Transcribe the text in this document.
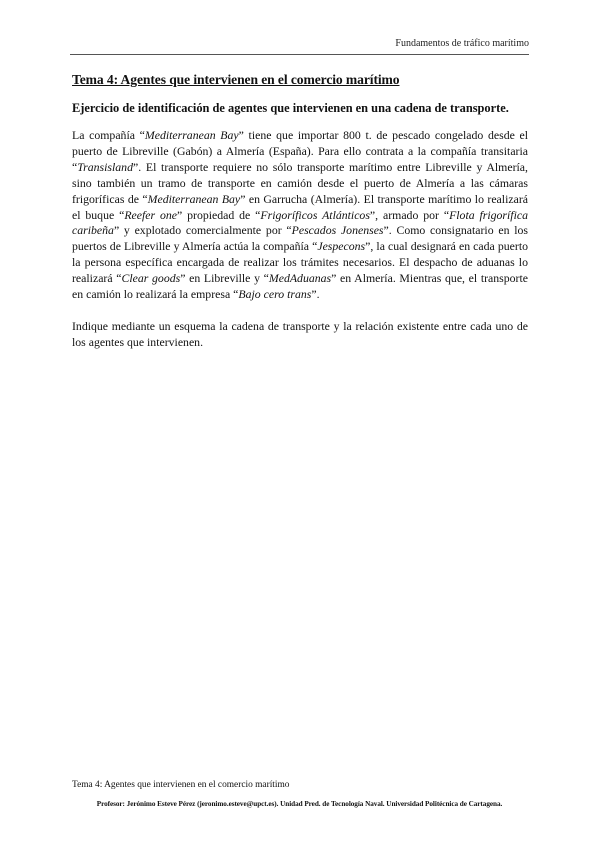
Fundamentos de tráfico marítimo
Tema 4: Agentes que intervienen en el comercio marítimo
Ejercicio de identificación de agentes que intervienen en una cadena de transporte.

La compañía “Mediterranean Bay” tiene que importar 800 t. de pescado congelado desde el puerto de Libreville (Gabón) a Almería (España). Para ello contrata a la compañía transitaria “Transisland”. El transporte requiere no sólo transporte marítimo entre Libreville y Almería, sino también un tramo de transporte en camión desde el puerto de Almería a las cámaras frigoríficas de “Mediterranean Bay” en Garrucha (Almería). El transporte marítimo lo realizará el buque “Reefer one” propiedad de “Frigoríficos Atlánticos”, armado por “Flota frigorífica caribeña” y explotado comercialmente por “Pescados Jonenses”. Como consignatario en los puertos de Libreville y Almería actúa la compañía “Jespecons”, la cual designará en cada puerto la persona específica encargada de realizar los trámites necesarios. El despacho de aduanas lo realizará “Clear goods” en Libreville y “MedAduanas” en Almería. Mientras que, el transporte en camión lo realizará la empresa “Bajo cero trans”.

Indique mediante un esquema la cadena de transporte y la relación existente entre cada uno de los agentes que intervienen.

Tema 4: Agentes que intervienen en el comercio marítimo
Profesor: Jerónimo Esteve Pérez (jeronimo.esteve@upct.es). Unidad Pred. de Tecnología Naval. Universidad Politécnica de Cartagena.
